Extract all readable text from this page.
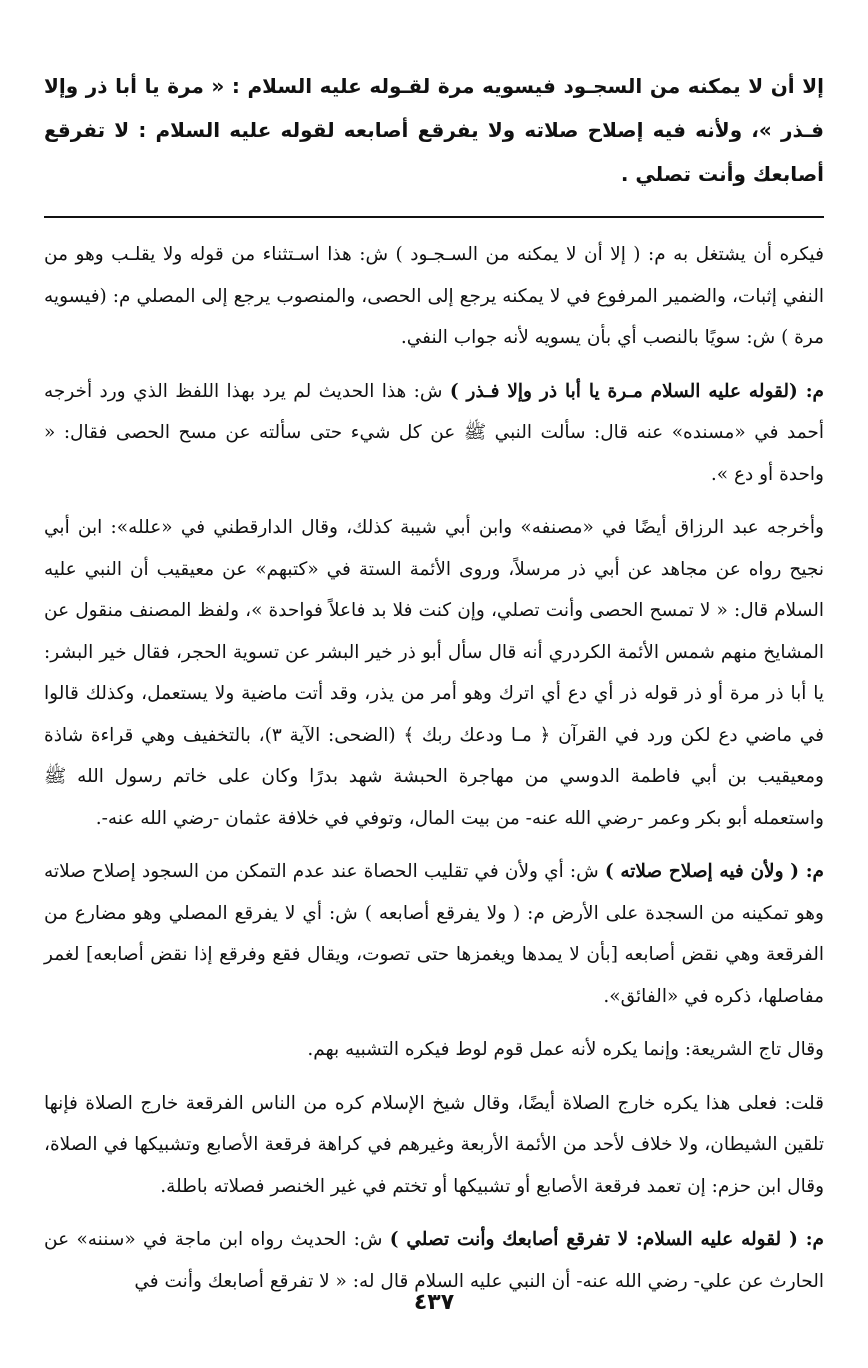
إلا أن لا يمكنه من السجـود فيسويه مرة لقـوله عليه السلام : « مرة يا أبا ذر وإلا فـذر »، ولأنه فيه إصلاح صلاته ولا يفرقع أصابعه لقوله عليه السلام : لا تفرقع أصابعك وأنت تصلي .

فيكره أن يشتغل به م: ( إلا أن لا يمكنه من السـجـود ) ش: هذا اسـتثناء من قوله ولا يقلـب وهو من النفي إثبات، والضمير المرفوع في لا يمكنه يرجع إلى الحصى، والمنصوب يرجع إلى المصلي م: (فيسويه مرة ) ش: سويًا بالنصب أي بأن يسويه لأنه جواب النفي.

م: (لقوله عليه السلام مـرة يا أبا ذر وإلا فـذر ) ش: هذا الحديث لم يرد بهذا اللفظ الذي ورد أخرجه أحمد في «مسنده» عنه قال: سألت النبي ﷺ عن كل شيء حتى سألته عن مسح الحصى فقال: « واحدة أو دع ».

وأخرجه عبد الرزاق أيضًا في «مصنفه» وابن أبي شيبة كذلك، وقال الدارقطني في «علله»: ابن أبي نجيح رواه عن مجاهد عن أبي ذر مرسلاً، وروى الأئمة الستة في «كتبهم» عن معيقيب أن النبي عليه السلام قال: « لا تمسح الحصى وأنت تصلي، وإن كنت فلا بد فاعلاً فواحدة »، ولفظ المصنف منقول عن المشايخ منهم شمس الأئمة الكردري أنه قال سأل أبو ذر خير البشر عن تسوية الحجر، فقال خير البشر: يا أبا ذر مرة أو ذر قوله ذر أي دع أي اترك وهو أمر من يذر، وقد أتت ماضية ولا يستعمل، وكذلك قالوا في ماضي دع لكن ورد في القرآن ﴿ مـا ودعك ربك ﴾ (الضحى: الآية ٣)، بالتخفيف وهي قراءة شاذة ومعيقيب بن أبي فاطمة الدوسي من مهاجرة الحبشة شهد بدرًا وكان على خاتم رسول الله ﷺ واستعمله أبو بكر وعمر -رضي الله عنه- من بيت المال، وتوفي في خلافة عثمان -رضي الله عنه-.

م: ( ولأن فيه إصلاح صلاته ) ش: أي ولأن في تقليب الحصاة عند عدم التمكن من السجود إصلاح صلاته وهو تمكينه من السجدة على الأرض م: ( ولا يفرقع أصابعه ) ش: أي لا يفرقع المصلي وهو مضارع من الفرقعة وهي نقض أصابعه [بأن لا يمدها ويغمزها حتى تصوت، ويقال فقع وفرقع إذا نقض أصابعه] لغمر مفاصلها، ذكره في «الفائق».

وقال تاج الشريعة: وإنما يكره لأنه عمل قوم لوط فيكره التشبيه بهم.

قلت: فعلى هذا يكره خارج الصلاة أيضًا، وقال شيخ الإسلام كره من الناس الفرقعة خارج الصلاة فإنها تلقين الشيطان، ولا خلاف لأحد من الأئمة الأربعة وغيرهم في كراهة فرقعة الأصابع وتشبيكها في الصلاة، وقال ابن حزم: إن تعمد فرقعة الأصابع أو تشبيكها أو تختم في غير الخنصر فصلاته باطلة.

م: ( لقوله عليه السلام: لا تفرقع أصابعك وأنت تصلي ) ش: الحديث رواه ابن ماجة في «سننه» عن الحارث عن علي- رضي الله عنه- أن النبي عليه السلام قال له: « لا تفرقع أصابعك وأنت في

٤٣٧
